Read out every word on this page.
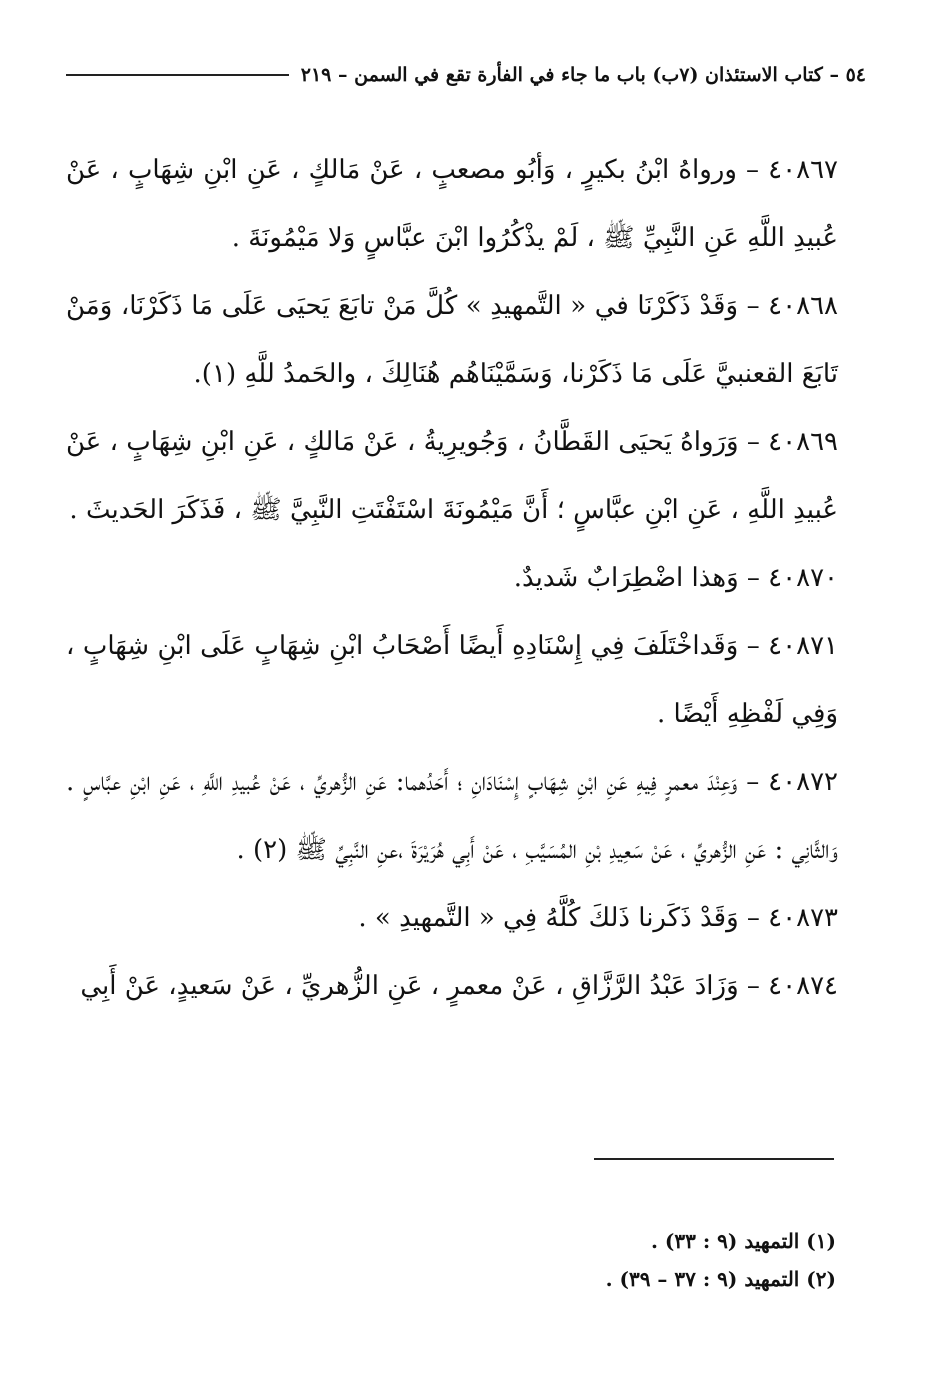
٥٤ – كتاب الاستئذان (٧ب) باب ما جاء في الفأرة تقع في السمن – ٢١٩

٤٠٨٦٧ – ورواهُ ابْنُ بكيرٍ ، وَأبُو مصعبٍ ، عَنْ مَالكٍ ، عَنِ ابْنِ شِهَابٍ ، عَنْ عُبيدِ اللَّهِ عَنِ النَّبِيِّ ﷺ ، لَمْ يذْكُرُوا ابْنَ عبَّاسٍ وَلا مَيْمُونَةَ .

٤٠٨٦٨ – وَقَدْ ذَكَرْنَا في « التَّمهيدِ » كُلَّ مَنْ تابَعَ يَحيَى عَلَى مَا ذَكَرْنَا، وَمَنْ تَابَعَ القعنبيَّ عَلَى مَا ذَكَرْنا، وَسَمَّيْنَاهُم هُنَالِكَ ، والحَمدُ للَّهِ (١).

٤٠٨٦٩ – وَرَواهُ يَحيَى القَطَّانُ ، وَجُويرِيةُ ، عَنْ مَالكٍ ، عَنِ ابْنِ شِهَابٍ ، عَنْ عُبيدِ اللَّهِ ، عَنِ ابْنِ عبَّاسٍ ؛ أَنَّ مَيْمُونَةَ اسْتَفْتَتِ النَّبِيَّ ﷺ ، فَذَكَرَ الحَديثَ .

٤٠٨٧٠ – وَهذا اضْطِرَابٌ شَديدٌ.

٤٠٨٧١ – وَقَداخْتَلَفَ فِي إِسْنَادِهِ أَيضًا أَصْحَابُ ابْنِ شِهَابٍ عَلَى ابْنِ شِهَابٍ ، وَفِي لَفْظِهِ أَيْضًا .

٤٠٨٧٢ – وَعِنْدَ معمرٍ فِيهِ عَنِ ابْنِ شِهَابٍ إِسْنَادَانِ ؛ أَحَدُهما: عَنِ الزُّهريِّ ، عَنْ عُبيدِ اللَّهِ ، عَنِ ابْنِ عبَّاسٍ . وَالثَّانِي : عَنِ الزُّهريِّ ، عَنْ سَعِيدِ بْنِ المُسَيَّبِ ، عَنْ أَبِي هُرَيْرَةَ ،عنِ النَّبِيِّ ﷺ (٢) .

٤٠٨٧٣ – وَقَدْ ذَكَرنا ذَلكَ كُلَّهُ فِي « التَّمهيدِ » .

٤٠٨٧٤ – وَزَادَ عَبْدُ الرَّزَّاقِ ، عَنْ معمرٍ ، عَنِ الزُّهريِّ ، عَنْ سَعيدٍ، عَنْ أَبِي

(١) التمهيد (٩ : ٣٣) .
(٢) التمهيد (٩ : ٣٧ – ٣٩) .
